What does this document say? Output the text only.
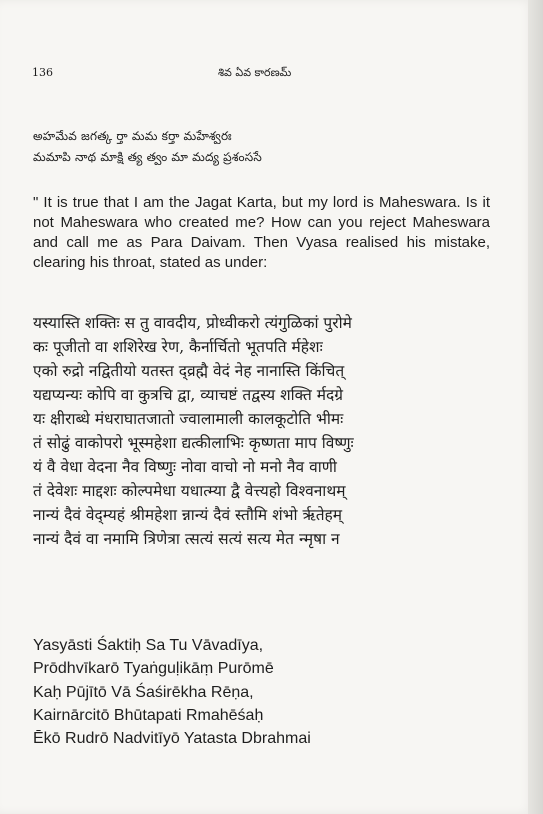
136	శివ ఏవ కారణమ్
అహమేవ జగత్క ర్తా మమ కర్తా మహేశ్వరః
మమాపి నాథ మాక్షి త్య త్వం మా మద్య ప్రశంససే
" It is true that I am the Jagat Karta, but my lord is Maheswara. Is it not Maheswara who created me? How can you reject Maheswara and call me as Para Daivam. Then Vyasa realised his mistake, clearing his throat, stated as under:
यस्यास्ति शक्तिः स तु वावदीय, प्रोध्वीकरो त्यंगुळिकां पुरोमे
कः पूजीतो वा शशिरेख रेण, कैर्नार्चितो भूतपति र्महेशः
एको रुद्रो नद्वितीयो यतस्त द्व्रह्मै वेदं नेह नानास्ति किंचित्
यद्यप्यन्यः कोपि वा कुत्रचि द्वा, व्याचष्टं तद्वस्य शक्ति र्मदग्रे
यः क्षीराब्धे मंधराघातजातो ज्वालामाली कालकूटोति भीमः
तं सोढुं वाकोपरो भूस्महेशा द्यत्कीलाभिः कृष्णता माप विष्णुः
यं वै वेधा वेदना नैव विष्णुः नोवा वाचो नो मनो नैव वाणी
तं देवेशः माद्दशः कोल्पमेधा यधात्म्या द्वै वेत्त्यहो विश्वनाथम्
नान्यं दैवं वेद्म्यहं श्रीमहेशा न्नान्यं दैवं स्तौमि शंभो र्ऋतेहम्
नान्यं दैवं वा नमामि त्रिणेत्रा त्सत्यं सत्यं सत्य मेत न्मृषा न
Yasyāsti Śaktiḥ Sa Tu Vāvadīya,
Prōdhvīkarō Tyaṅguḷikāṃ Purōmē
Kaḥ Pūjītō Vā Śaśirēkha Rēṇa,
Kairnārcitō Bhūtapati Rmahēśaḥ
Ēkō Rudrō Nadvitīyō Yatasta Dbrahmai
